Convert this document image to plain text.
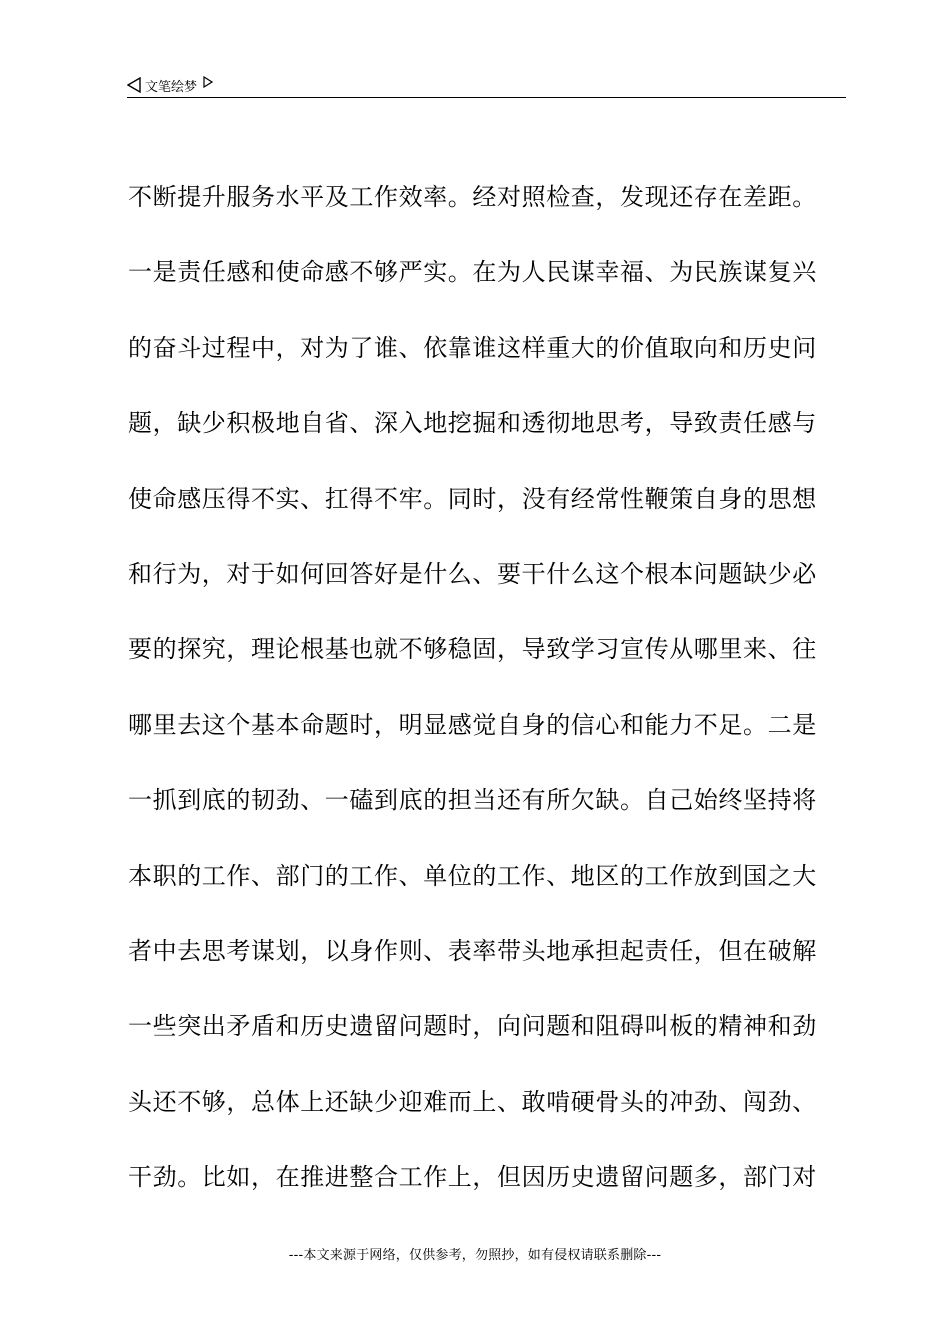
文笔绘梦
不断提升服务水平及工作效率。经对照检查，发现还存在差距。
一是责任感和使命感不够严实。在为人民谋幸福、为民族谋复兴
的奋斗过程中，对为了谁、依靠谁这样重大的价值取向和历史问
题，缺少积极地自省、深入地挖掘和透彻地思考，导致责任感与
使命感压得不实、扛得不牢。同时，没有经常性鞭策自身的思想
和行为，对于如何回答好是什么、要干什么这个根本问题缺少必
要的探究，理论根基也就不够稳固，导致学习宣传从哪里来、往
哪里去这个基本命题时，明显感觉自身的信心和能力不足。二是
一抓到底的韧劲、一磕到底的担当还有所欠缺。自己始终坚持将
本职的工作、部门的工作、单位的工作、地区的工作放到国之大
者中去思考谋划，以身作则、表率带头地承担起责任，但在破解
一些突出矛盾和历史遗留问题时，向问题和阻碍叫板的精神和劲
头还不够，总体上还缺少迎难而上、敢啃硬骨头的冲劲、闯劲、
干劲。比如，在推进整合工作上，但因历史遗留问题多，部门对
---本文来源于网络，仅供参考，勿照抄，如有侵权请联系删除---
